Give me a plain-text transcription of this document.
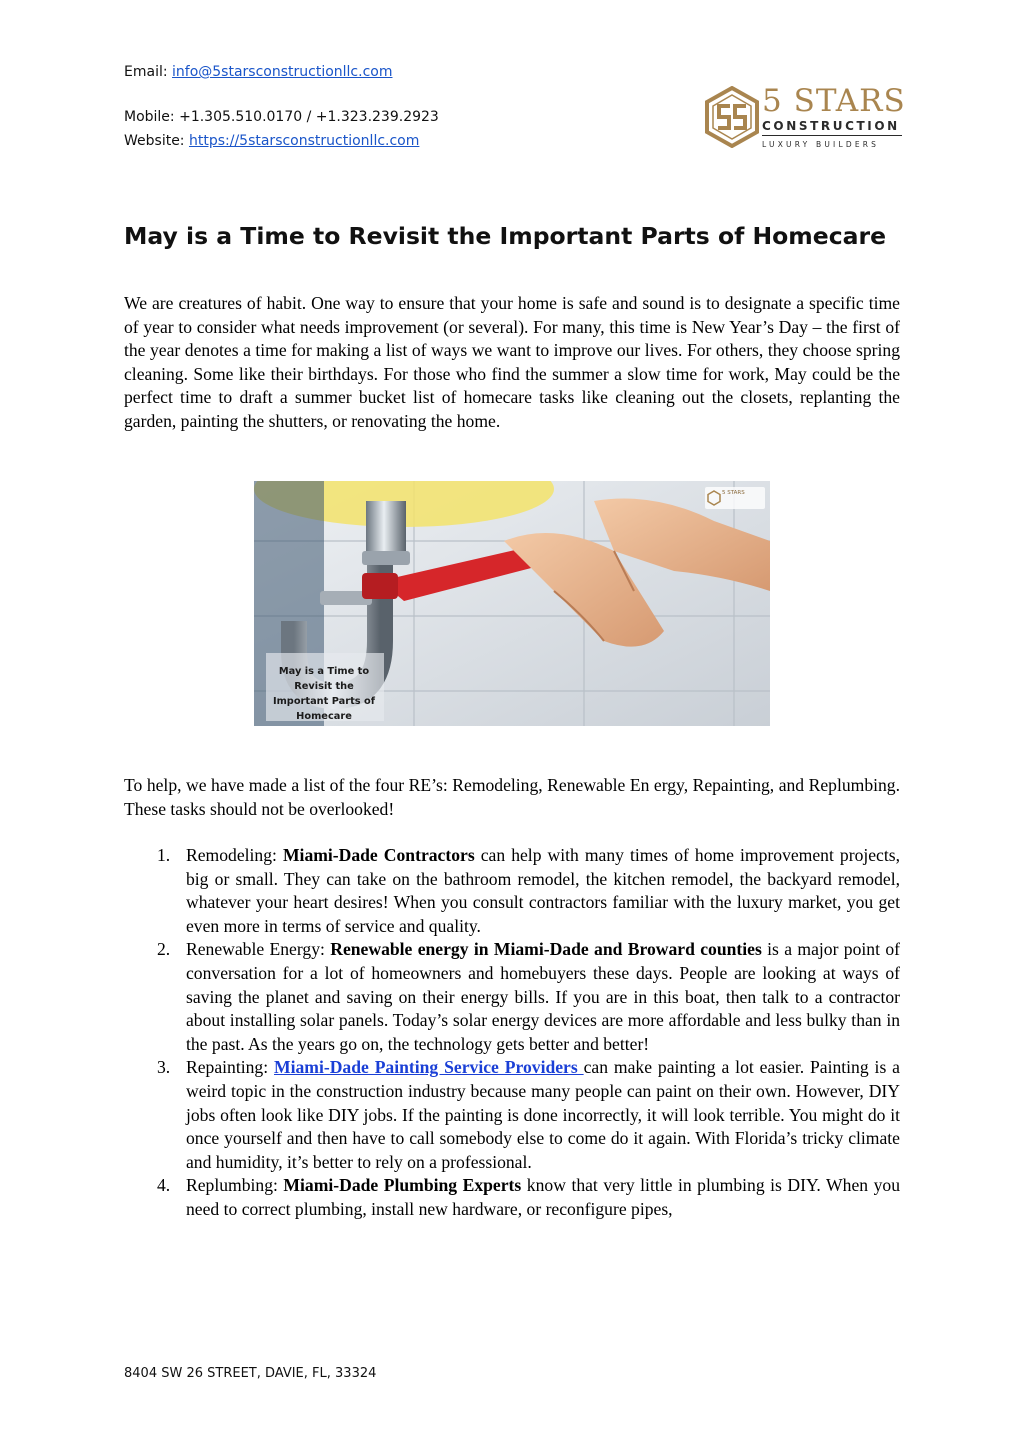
Email: info@5starsconstructionllc.com
Mobile: +1.305.510.0170 / +1.323.239.2923
Website: https://5starsconstructionllc.com
5 STARS
CONSTRUCTION
LUXURY BUILDERS
May is a Time to Revisit the Important Parts of Homecare

We are creatures of habit. One way to ensure that your home is safe and sound is to designate a specific time of year to consider what needs improvement (or several). For many, this time is New Year’s Day – the first of the year denotes a time for making a list of ways we want to improve our lives. For others, they choose spring cleaning. Some like their birthdays. For those who find the summer a slow time for work, May could be the perfect time to draft a summer bucket list of homecare tasks like cleaning out the closets, replanting the garden, painting the shutters, or renovating the home.

5 STARS
May is a Time to Revisit the Important Parts of Homecare

To help, we have made a list of the four RE’s: Remodeling, Renewable En ergy, Repainting, and Replumbing. These tasks should not be overlooked!

1. Remodeling: Miami-Dade Contractors can help with many times of home improvement projects, big or small. They can take on the bathroom remodel, the kitchen remodel, the backyard remodel, whatever your heart desires! When you consult contractors familiar with the luxury market, you get even more in terms of service and quality.
2. Renewable Energy: Renewable energy in Miami-Dade and Broward counties is a major point of conversation for a lot of homeowners and homebuyers these days. People are looking at ways of saving the planet and saving on their energy bills. If you are in this boat, then talk to a contractor about installing solar panels. Today’s solar energy devices are more affordable and less bulky than in the past. As the years go on, the technology gets better and better!
3. Repainting: Miami-Dade Painting Service Providers can make painting a lot easier. Painting is a weird topic in the construction industry because many people can paint on their own. However, DIY jobs often look like DIY jobs. If the painting is done incorrectly, it will look terrible. You might do it once yourself and then have to call somebody else to come do it again. With Florida’s tricky climate and humidity, it’s better to rely on a professional.
4. Replumbing: Miami-Dade Plumbing Experts know that very little in plumbing is DIY. When you need to correct plumbing, install new hardware, or reconfigure pipes,
8404 SW 26 STREET, DAVIE, FL, 33324
